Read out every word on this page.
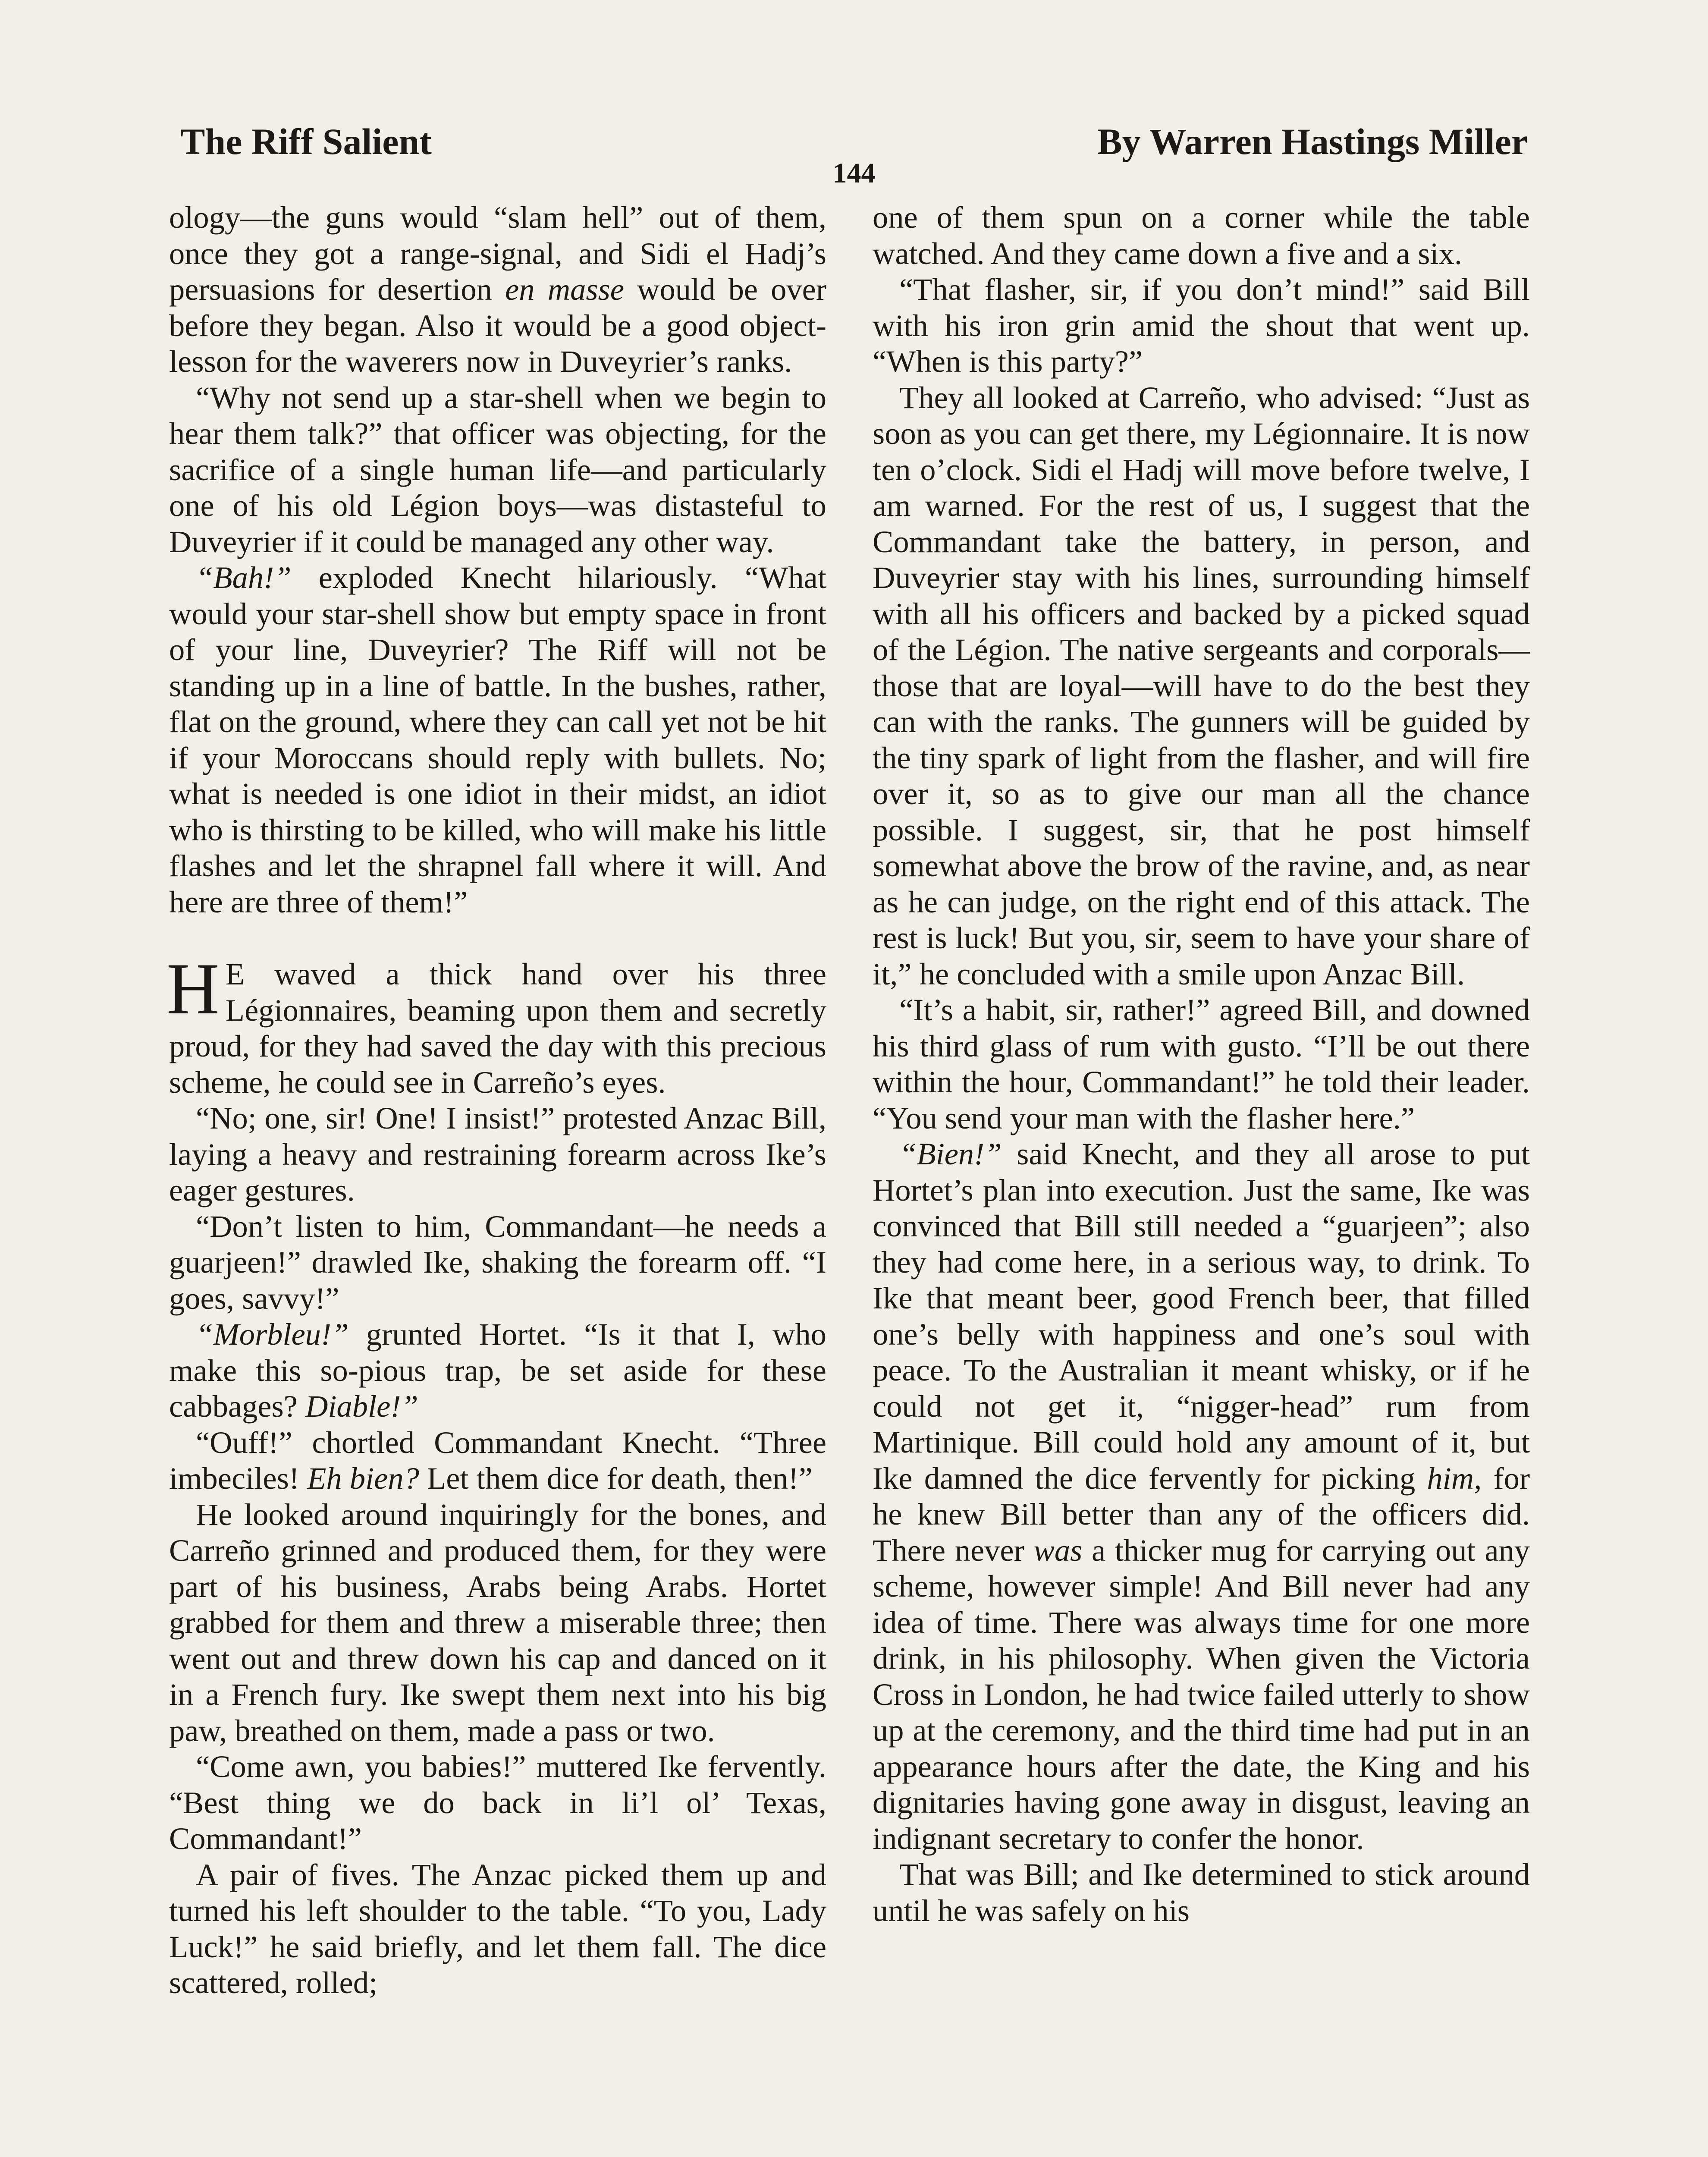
The Riff Salient	By Warren Hastings Miller
144

ology—the guns would “slam hell” out of them, once they got a range-signal, and Sidi el Hadj’s persuasions for desertion en masse would be over before they began. Also it would be a good object-lesson for the waverers now in Duveyrier’s ranks.

“Why not send up a star-shell when we begin to hear them talk?” that officer was objecting, for the sacrifice of a single human life—and particularly one of his old Légion boys—was distasteful to Duveyrier if it could be managed any other way.

“Bah!” exploded Knecht hilariously. “What would your star-shell show but empty space in front of your line, Duveyrier? The Riff will not be standing up in a line of battle. In the bushes, rather, flat on the ground, where they can call yet not be hit if your Moroccans should reply with bullets. No; what is needed is one idiot in their midst, an idiot who is thirsting to be killed, who will make his little flashes and let the shrapnel fall where it will. And here are three of them!”

H E waved a thick hand over his three Légionnaires, beaming upon them and secretly proud, for they had saved the day with this precious scheme, he could see in Carreño’s eyes.

“No; one, sir! One! I insist!” protested Anzac Bill, laying a heavy and restraining forearm across Ike’s eager gestures.

“Don’t listen to him, Commandant—he needs a guarjeen!” drawled Ike, shaking the forearm off. “I goes, savvy!”

“Morbleu!” grunted Hortet. “Is it that I, who make this so-pious trap, be set aside for these cabbages? Diable!”

“Ouff!” chortled Commandant Knecht. “Three imbeciles! Eh bien? Let them dice for death, then!”

He looked around inquiringly for the bones, and Carreño grinned and produced them, for they were part of his business, Arabs being Arabs. Hortet grabbed for them and threw a miserable three; then went out and threw down his cap and danced on it in a French fury. Ike swept them next into his big paw, breathed on them, made a pass or two.

“Come awn, you babies!” muttered Ike fervently. “Best thing we do back in li’l ol’ Texas, Commandant!”

A pair of fives. The Anzac picked them up and turned his left shoulder to the table. “To you, Lady Luck!” he said briefly, and let them fall. The dice scattered, rolled;

one of them spun on a corner while the table watched. And they came down a five and a six.

“That flasher, sir, if you don’t mind!” said Bill with his iron grin amid the shout that went up. “When is this party?”

They all looked at Carreño, who advised: “Just as soon as you can get there, my Légionnaire. It is now ten o’clock. Sidi el Hadj will move before twelve, I am warned. For the rest of us, I suggest that the Commandant take the battery, in person, and Duveyrier stay with his lines, surrounding himself with all his officers and backed by a picked squad of the Légion. The native sergeants and corporals—those that are loyal—will have to do the best they can with the ranks. The gunners will be guided by the tiny spark of light from the flasher, and will fire over it, so as to give our man all the chance possible. I suggest, sir, that he post himself somewhat above the brow of the ravine, and, as near as he can judge, on the right end of this attack. The rest is luck! But you, sir, seem to have your share of it,” he concluded with a smile upon Anzac Bill.

“It’s a habit, sir, rather!” agreed Bill, and downed his third glass of rum with gusto. “I’ll be out there within the hour, Commandant!” he told their leader. “You send your man with the flasher here.”

“Bien!” said Knecht, and they all arose to put Hortet’s plan into execution. Just the same, Ike was convinced that Bill still needed a “guarjeen”; also they had come here, in a serious way, to drink. To Ike that meant beer, good French beer, that filled one’s belly with happiness and one’s soul with peace. To the Australian it meant whisky, or if he could not get it, “nigger-head” rum from Martinique. Bill could hold any amount of it, but Ike damned the dice fervently for picking him, for he knew Bill better than any of the officers did. There never was a thicker mug for carrying out any scheme, however simple! And Bill never had any idea of time. There was always time for one more drink, in his philosophy. When given the Victoria Cross in London, he had twice failed utterly to show up at the ceremony, and the third time had put in an appearance hours after the date, the King and his dignitaries having gone away in disgust, leaving an indignant secretary to confer the honor.

That was Bill; and Ike determined to stick around until he was safely on his
